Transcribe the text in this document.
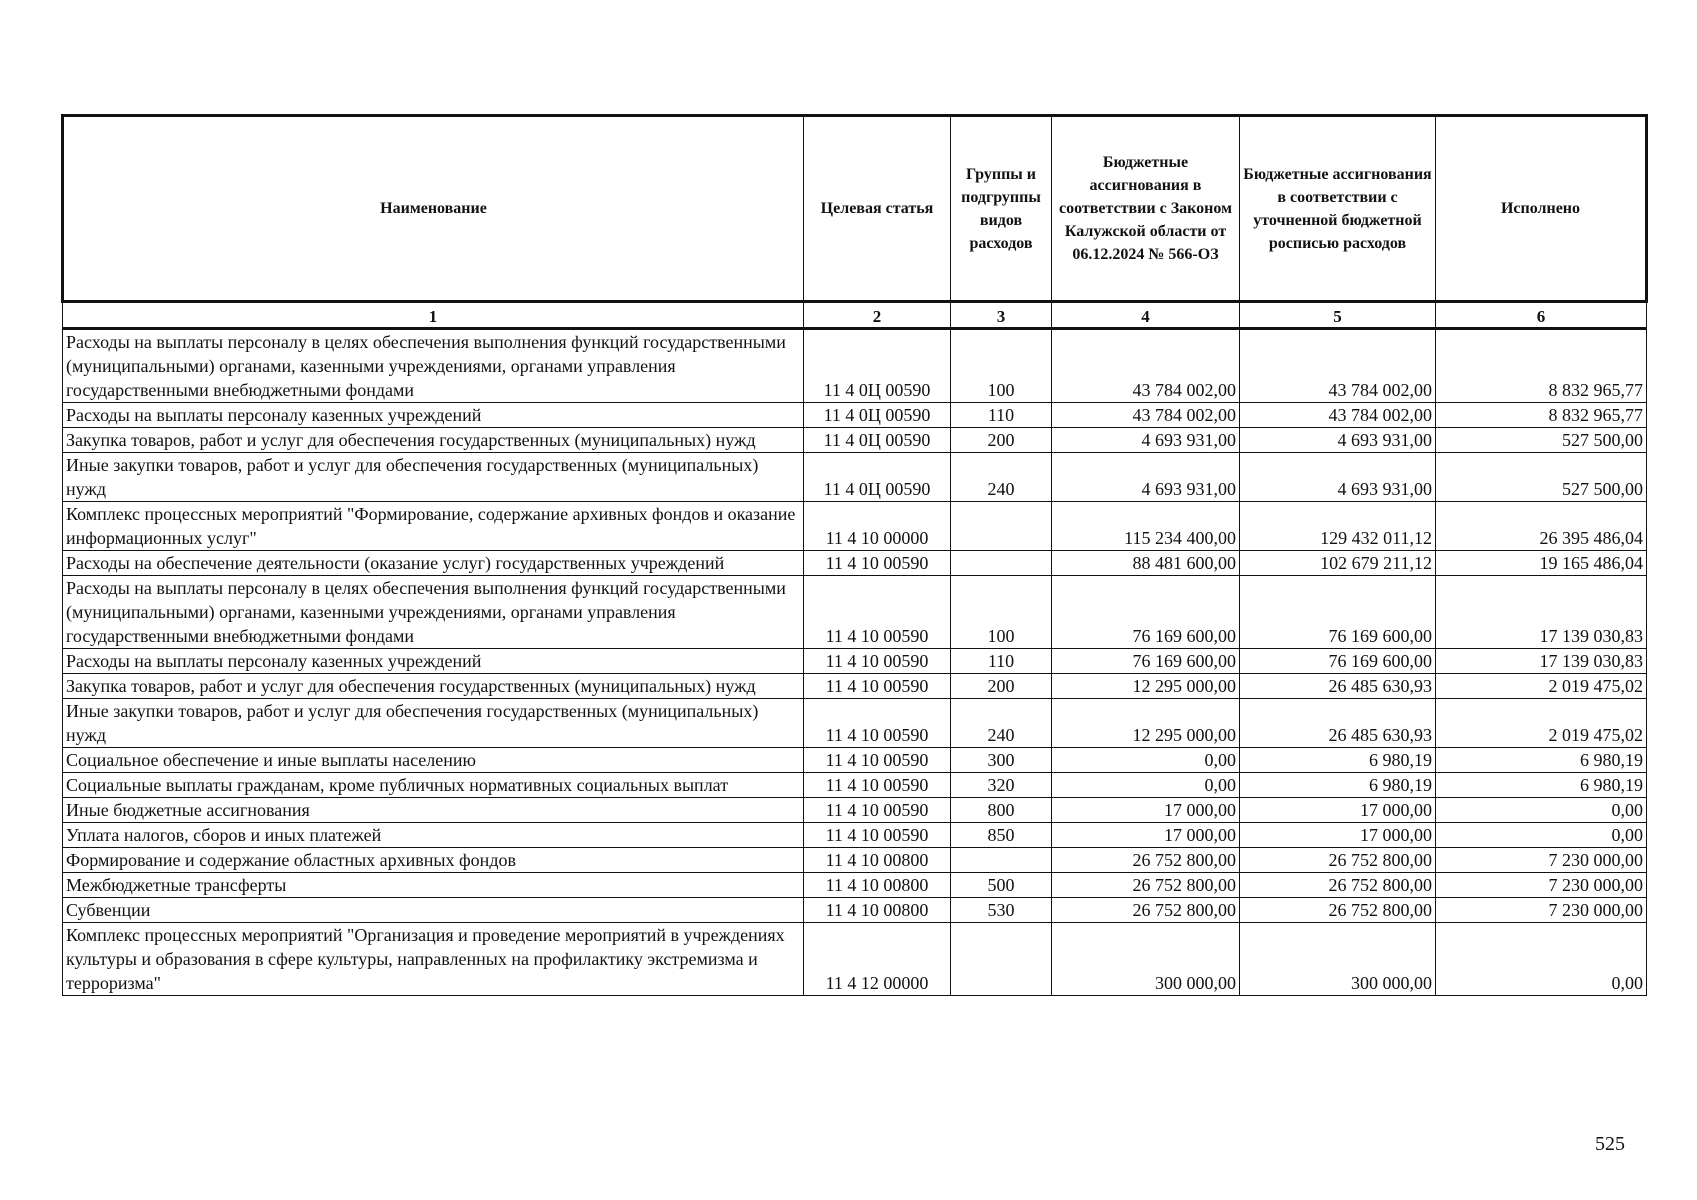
Наименование	Целевая статья	Группы и подгруппы видов расходов	Бюджетные ассигнования в соответствии с Законом Калужской области от 06.12.2024 № 566-ОЗ	Бюджетные ассигнования в соответствии с уточненной бюджетной росписью расходов	Исполнено
1	2	3	4	5	6
Расходы на выплаты персоналу в целях обеспечения выполнения функций государственными (муниципальными) органами, казенными учреждениями, органами управления государственными внебюджетными фондами	11 4 0Ц 00590	100	43 784 002,00	43 784 002,00	8 832 965,77
Расходы на выплаты персоналу казенных учреждений	11 4 0Ц 00590	110	43 784 002,00	43 784 002,00	8 832 965,77
Закупка товаров, работ и услуг для обеспечения государственных (муниципальных) нужд	11 4 0Ц 00590	200	4 693 931,00	4 693 931,00	527 500,00
Иные закупки товаров, работ и услуг для обеспечения государственных (муниципальных) нужд	11 4 0Ц 00590	240	4 693 931,00	4 693 931,00	527 500,00
Комплекс процессных мероприятий "Формирование, содержание архивных фондов и оказание информационных услуг"	11 4 10 00000		115 234 400,00	129 432 011,12	26 395 486,04
Расходы на обеспечение деятельности (оказание услуг) государственных учреждений	11 4 10 00590		88 481 600,00	102 679 211,12	19 165 486,04
Расходы на выплаты персоналу в целях обеспечения выполнения функций государственными (муниципальными) органами, казенными учреждениями, органами управления государственными внебюджетными фондами	11 4 10 00590	100	76 169 600,00	76 169 600,00	17 139 030,83
Расходы на выплаты персоналу казенных учреждений	11 4 10 00590	110	76 169 600,00	76 169 600,00	17 139 030,83
Закупка товаров, работ и услуг для обеспечения государственных (муниципальных) нужд	11 4 10 00590	200	12 295 000,00	26 485 630,93	2 019 475,02
Иные закупки товаров, работ и услуг для обеспечения государственных (муниципальных) нужд	11 4 10 00590	240	12 295 000,00	26 485 630,93	2 019 475,02
Социальное обеспечение и иные выплаты населению	11 4 10 00590	300	0,00	6 980,19	6 980,19
Социальные выплаты гражданам, кроме публичных нормативных социальных выплат	11 4 10 00590	320	0,00	6 980,19	6 980,19
Иные бюджетные ассигнования	11 4 10 00590	800	17 000,00	17 000,00	0,00
Уплата налогов, сборов и иных платежей	11 4 10 00590	850	17 000,00	17 000,00	0,00
Формирование и содержание областных архивных фондов	11 4 10 00800		26 752 800,00	26 752 800,00	7 230 000,00
Межбюджетные трансферты	11 4 10 00800	500	26 752 800,00	26 752 800,00	7 230 000,00
Субвенции	11 4 10 00800	530	26 752 800,00	26 752 800,00	7 230 000,00
Комплекс процессных мероприятий "Организация и проведение мероприятий в учреждениях культуры и образования в сфере культуры, направленных на профилактику экстремизма и терроризма"	11 4 12 00000		300 000,00	300 000,00	0,00
525
